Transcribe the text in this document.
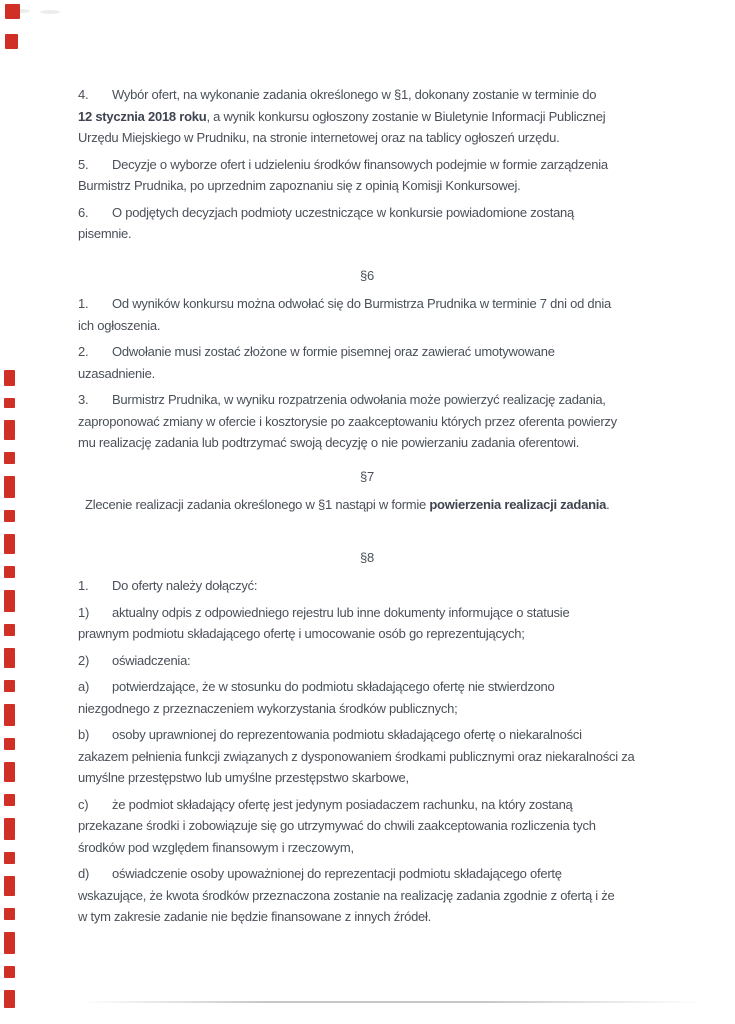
4. Wybór ofert, na wykonanie zadania określonego w §1, dokonany zostanie w terminie do
12 stycznia 2018 roku, a wynik konkursu ogłoszony zostanie w Biuletynie Informacji Publicznej
Urzędu Miejskiego w Prudniku, na stronie internetowej oraz na tablicy ogłoszeń urzędu.
5. Decyzje o wyborze ofert i udzieleniu środków finansowych podejmie w formie zarządzenia
Burmistrz Prudnika, po uprzednim zapoznaniu się z opinią Komisji Konkursowej.
6. O podjętych decyzjach podmioty uczestniczące w konkursie powiadomione zostaną
pisemnie.
§6
1. Od wyników konkursu można odwołać się do Burmistrza Prudnika w terminie 7 dni od dnia
ich ogłoszenia.
2. Odwołanie musi zostać złożone w formie pisemnej oraz zawierać umotywowane
uzasadnienie.
3. Burmistrz Prudnika, w wyniku rozpatrzenia odwołania może powierzyć realizację zadania,
zaproponować zmiany w ofercie i kosztorysie po zaakceptowaniu których przez oferenta powierzy
mu realizację zadania lub podtrzymać swoją decyzję o nie powierzaniu zadania oferentowi.
§7
Zlecenie realizacji zadania określonego w §1 nastąpi w formie powierzenia realizacji zadania.
§8
1. Do oferty należy dołączyć:
1) aktualny odpis z odpowiedniego rejestru lub inne dokumenty informujące o statusie
prawnym podmiotu składającego ofertę i umocowanie osób go reprezentujących;
2) oświadczenia:
a) potwierdzające, że w stosunku do podmiotu składającego ofertę nie stwierdzono
niezgodnego z przeznaczeniem wykorzystania środków publicznych;
b) osoby uprawnionej do reprezentowania podmiotu składającego ofertę o niekaralności
zakazem pełnienia funkcji związanych z dysponowaniem środkami publicznymi oraz niekaralności za
umyślne przestępstwo lub umyślne przestępstwo skarbowe,
c) że podmiot składający ofertę jest jedynym posiadaczem rachunku, na który zostaną
przekazane środki i zobowiązuje się go utrzymywać do chwili zaakceptowania rozliczenia tych
środków pod względem finansowym i rzeczowym,
d) oświadczenie osoby upoważnionej do reprezentacji podmiotu składającego ofertę
wskazujące, że kwota środków przeznaczona zostanie na realizację zadania zgodnie z ofertą i że
w tym zakresie zadanie nie będzie finansowane z innych źródeł.
